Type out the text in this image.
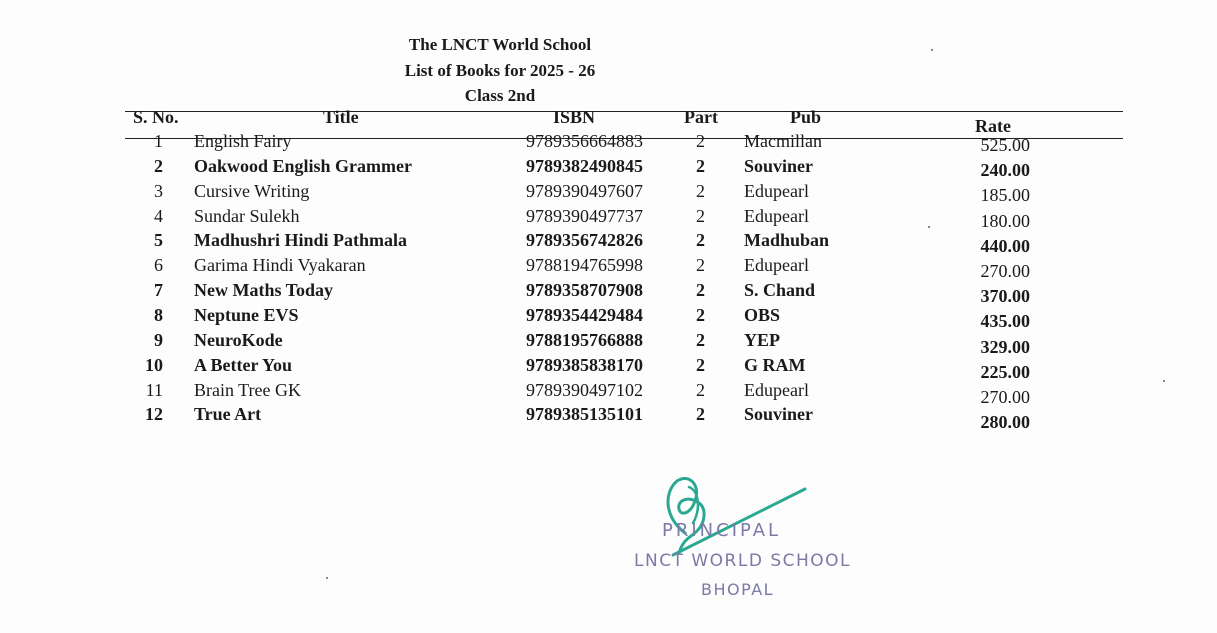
The LNCT World School
List of Books for 2025 - 26
Class 2nd
S. No.	Title	ISBN	Part	Pub	Rate
1 English Fairy	9789356664883	2 Macmillan	525.00
2 Oakwood English Grammer	9789382490845	2 Souviner	240.00
3 Cursive Writing	9789390497607	2 Edupearl	185.00
4 Sundar Sulekh	9789390497737	2 Edupearl	180.00
5 Madhushri Hindi Pathmala	9789356742826	2 Madhuban	440.00
6 Garima Hindi Vyakaran	9788194765998	2 Edupearl	270.00
7 New Maths Today	9789358707908	2 S. Chand	370.00
8 Neptune EVS	9789354429484	2 OBS	435.00
9 NeuroKode	9788195766888	2 YEP	329.00
10 A Better You	9789385838170	2 G RAM	225.00
11 Brain Tree GK	9789390497102	2 Edupearl	270.00
12 True Art	9789385135101	2 Souviner	280.00
PRINCIPAL
LNCT WORLD SCHOOL
BHOPAL
